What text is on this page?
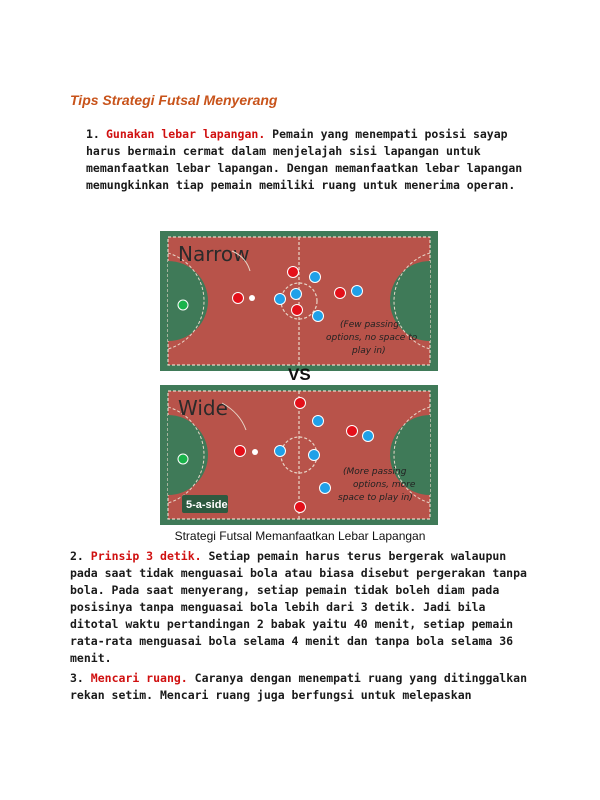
Tips Strategi Futsal Menyerang

1. Gunakan lebar lapangan. Pemain yang menempati posisi sayap harus bermain cermat dalam menjelajah sisi lapangan untuk memanfaatkan lebar lapangan. Dengan memanfaatkan lebar lapangan memungkinkan tiap pemain memiliki ruang untuk menerima operan.

Narrow
(Few passing
options, no space to
play in)
VS
Wide
(More passing
options, more
space to play in)
5-a-side
Strategi Futsal Memanfaatkan Lebar Lapangan

2. Prinsip 3 detik. Setiap pemain harus terus bergerak walaupun pada saat tidak menguasai bola atau biasa disebut pergerakan tanpa bola. Pada saat menyerang, setiap pemain tidak boleh diam pada posisinya tanpa menguasai bola lebih dari 3 detik. Jadi bila ditotal waktu pertandingan 2 babak yaitu 40 menit, setiap pemain rata-rata menguasai bola selama 4 menit dan tanpa bola selama 36 menit.

3. Mencari ruang. Caranya dengan menempati ruang yang ditinggalkan rekan setim. Mencari ruang juga berfungsi untuk melepaskan
